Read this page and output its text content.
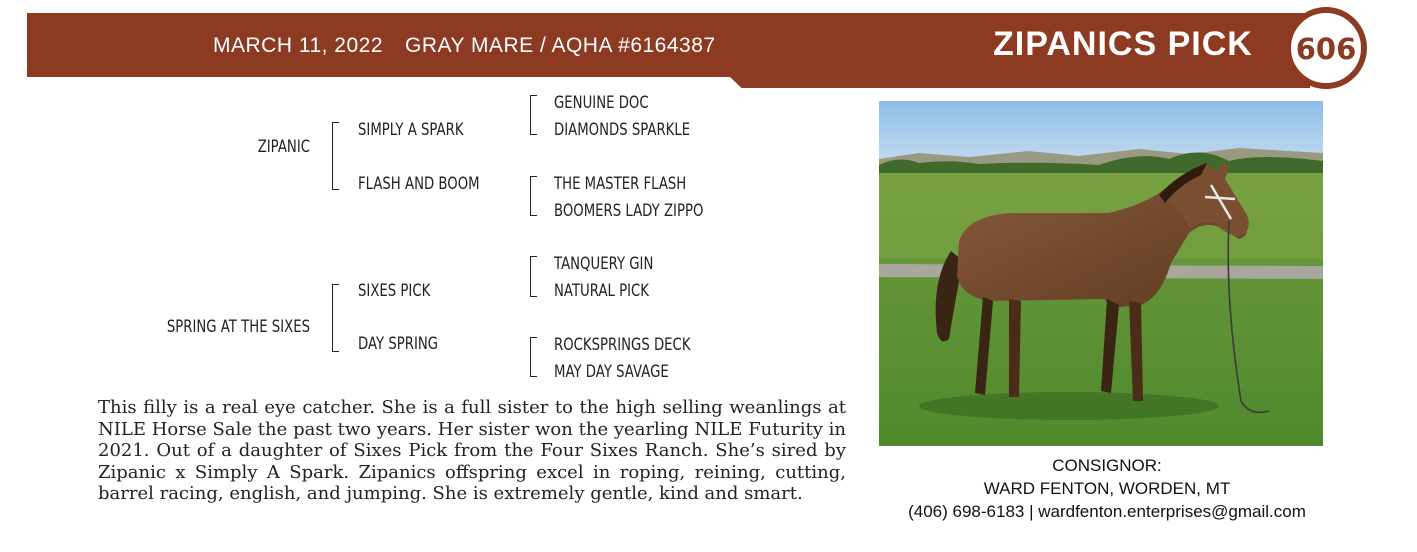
MARCH 11, 2022 GRAY MARE / AQHA #6164387	ZIPANICS PICK 606
ZIPANIC
SPRING AT THE SIXES
SIMPLY A SPARK
FLASH AND BOOM
SIXES PICK
DAY SPRING
GENUINE DOC
DIAMONDS SPARKLE
THE MASTER FLASH
BOOMERS LADY ZIPPO
TANQUERY GIN
NATURAL PICK
ROCKSPRINGS DECK
MAY DAY SAVAGE

This filly is a real eye catcher. She is a full sister to the high selling weanlings at NILE Horse Sale the past two years. Her sister won the yearling NILE Futurity in 2021. Out of a daughter of Sixes Pick from the Four Sixes Ranch. She’s sired by Zipanic x Simply A Spark. Zipanics offspring excel in roping, reining, cutting, barrel racing, english, and jumping. She is extremely gentle, kind and smart.

CONSIGNOR:
WARD FENTON, WORDEN, MT
(406) 698-6183 | wardfenton.enterprises@gmail.com
